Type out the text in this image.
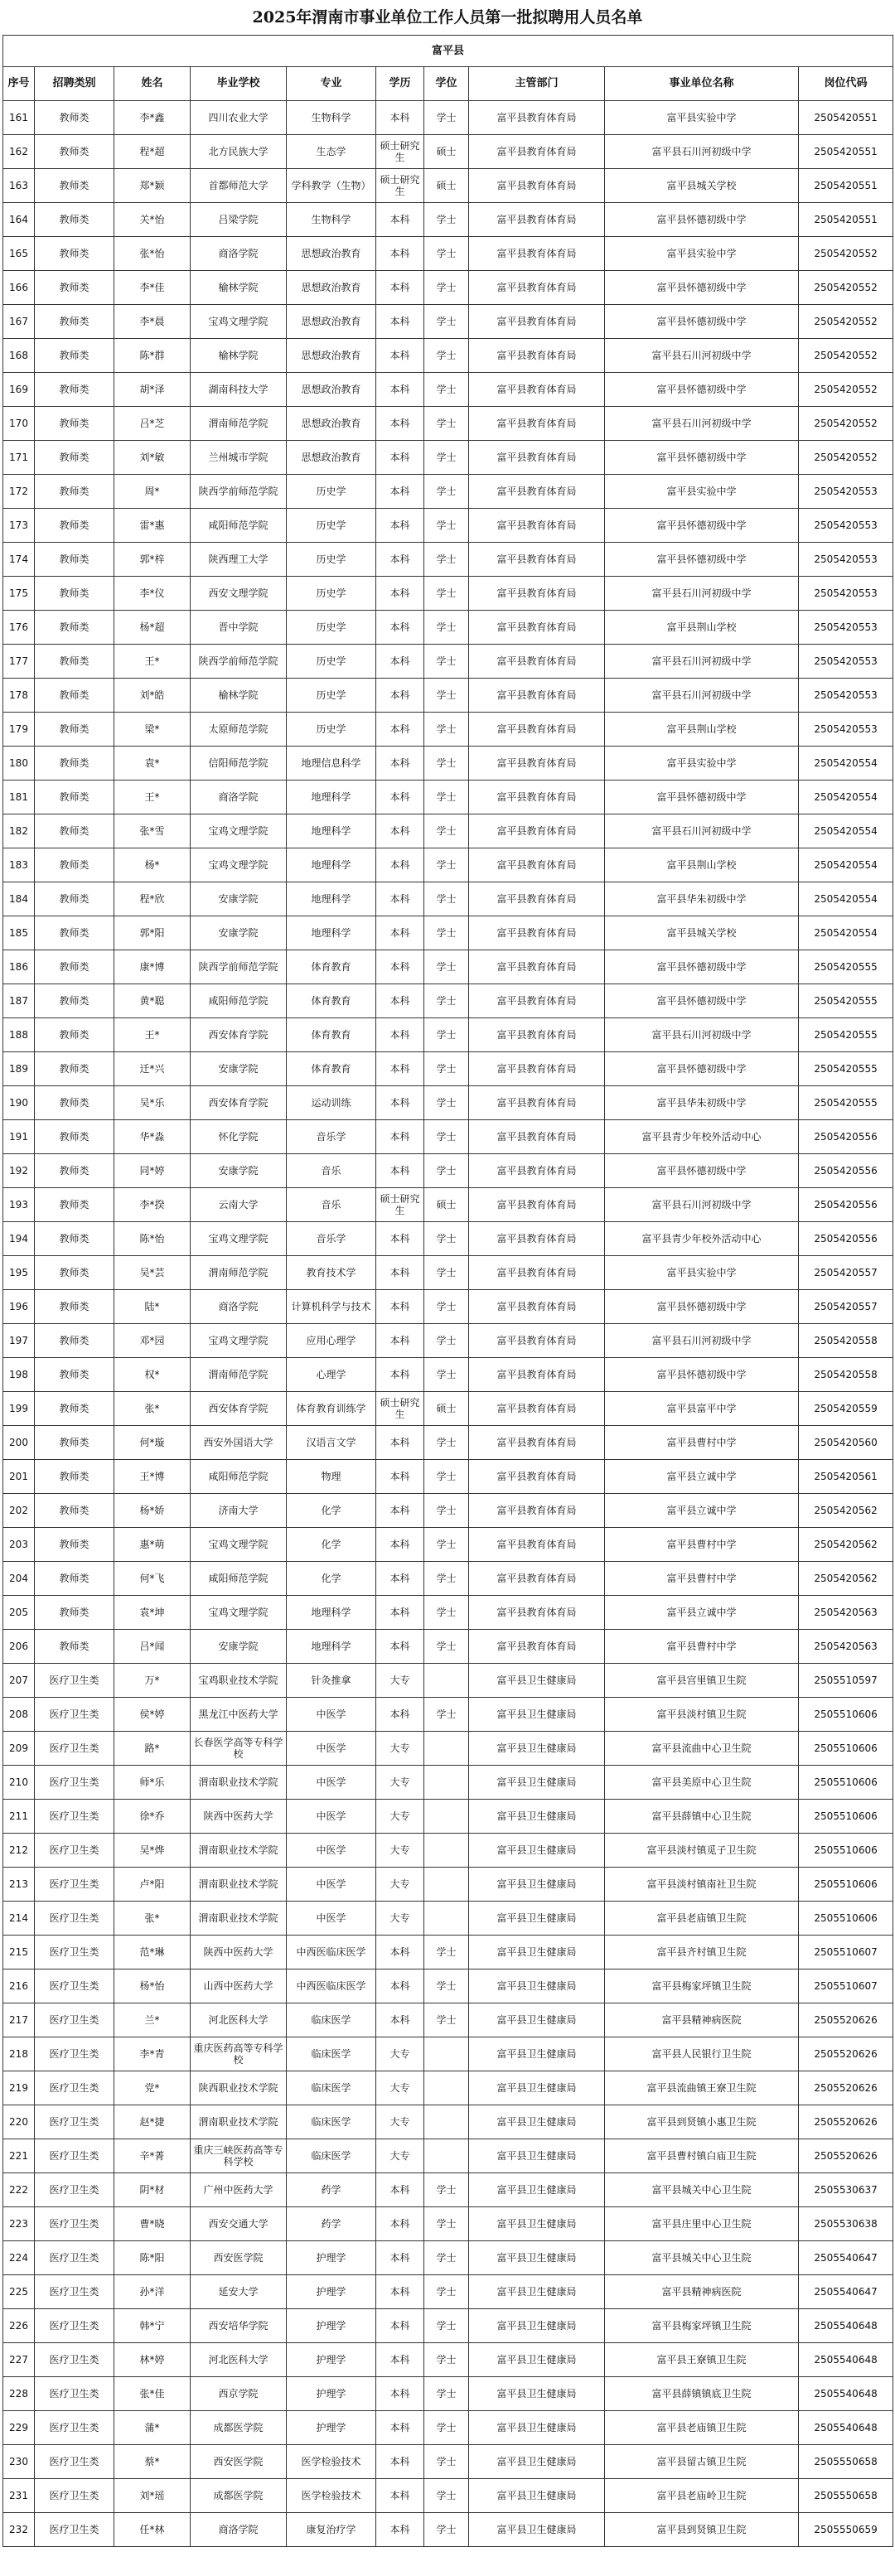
2025年渭南市事业单位工作人员第一批拟聘用人员名单
富平县									
序号	招聘类别	姓名	毕业学校	专业	学历	学位	主管部门	事业单位名称	岗位代码
161	教师类	李*鑫	四川农业大学	生物科学	本科	学士	富平县教育体育局	富平县实验中学	2505420551
162	教师类	程*超	北方民族大学	生态学	硕士研究生	硕士	富平县教育体育局	富平县石川河初级中学	2505420551
163	教师类	郑*颖	首都师范大学	学科教学（生物）	硕士研究生	硕士	富平县教育体育局	富平县城关学校	2505420551
164	教师类	关*怡	吕梁学院	生物科学	本科	学士	富平县教育体育局	富平县怀德初级中学	2505420551
165	教师类	张*怡	商洛学院	思想政治教育	本科	学士	富平县教育体育局	富平县实验中学	2505420552
166	教师类	李*佳	榆林学院	思想政治教育	本科	学士	富平县教育体育局	富平县怀德初级中学	2505420552
167	教师类	李*晨	宝鸡文理学院	思想政治教育	本科	学士	富平县教育体育局	富平县怀德初级中学	2505420552
168	教师类	陈*群	榆林学院	思想政治教育	本科	学士	富平县教育体育局	富平县石川河初级中学	2505420552
169	教师类	胡*泽	湖南科技大学	思想政治教育	本科	学士	富平县教育体育局	富平县怀德初级中学	2505420552
170	教师类	吕*芝	渭南师范学院	思想政治教育	本科	学士	富平县教育体育局	富平县石川河初级中学	2505420552
171	教师类	刘*敏	兰州城市学院	思想政治教育	本科	学士	富平县教育体育局	富平县怀德初级中学	2505420552
172	教师类	周*	陕西学前师范学院	历史学	本科	学士	富平县教育体育局	富平县实验中学	2505420553
173	教师类	雷*惠	咸阳师范学院	历史学	本科	学士	富平县教育体育局	富平县怀德初级中学	2505420553
174	教师类	郭*梓	陕西理工大学	历史学	本科	学士	富平县教育体育局	富平县怀德初级中学	2505420553
175	教师类	李*仪	西安文理学院	历史学	本科	学士	富平县教育体育局	富平县石川河初级中学	2505420553
176	教师类	杨*超	晋中学院	历史学	本科	学士	富平县教育体育局	富平县荆山学校	2505420553
177	教师类	王*	陕西学前师范学院	历史学	本科	学士	富平县教育体育局	富平县石川河初级中学	2505420553
178	教师类	刘*皓	榆林学院	历史学	本科	学士	富平县教育体育局	富平县石川河初级中学	2505420553
179	教师类	梁*	太原师范学院	历史学	本科	学士	富平县教育体育局	富平县荆山学校	2505420553
180	教师类	袁*	信阳师范学院	地理信息科学	本科	学士	富平县教育体育局	富平县实验中学	2505420554
181	教师类	王*	商洛学院	地理科学	本科	学士	富平县教育体育局	富平县怀德初级中学	2505420554
182	教师类	张*雪	宝鸡文理学院	地理科学	本科	学士	富平县教育体育局	富平县石川河初级中学	2505420554
183	教师类	杨*	宝鸡文理学院	地理科学	本科	学士	富平县教育体育局	富平县荆山学校	2505420554
184	教师类	程*欣	安康学院	地理科学	本科	学士	富平县教育体育局	富平县华朱初级中学	2505420554
185	教师类	郭*阳	安康学院	地理科学	本科	学士	富平县教育体育局	富平县城关学校	2505420554
186	教师类	康*博	陕西学前师范学院	体育教育	本科	学士	富平县教育体育局	富平县怀德初级中学	2505420555
187	教师类	黄*聪	咸阳师范学院	体育教育	本科	学士	富平县教育体育局	富平县怀德初级中学	2505420555
188	教师类	王*	西安体育学院	体育教育	本科	学士	富平县教育体育局	富平县石川河初级中学	2505420555
189	教师类	迁*兴	安康学院	体育教育	本科	学士	富平县教育体育局	富平县怀德初级中学	2505420555
190	教师类	吴*乐	西安体育学院	运动训练	本科	学士	富平县教育体育局	富平县华朱初级中学	2505420555
191	教师类	华*淼	怀化学院	音乐学	本科	学士	富平县教育体育局	富平县青少年校外活动中心	2505420556
192	教师类	同*婷	安康学院	音乐	本科	学士	富平县教育体育局	富平县怀德初级中学	2505420556
193	教师类	李*揆	云南大学	音乐	硕士研究生	硕士	富平县教育体育局	富平县石川河初级中学	2505420556
194	教师类	陈*怡	宝鸡文理学院	音乐学	本科	学士	富平县教育体育局	富平县青少年校外活动中心	2505420556
195	教师类	吴*芸	渭南师范学院	教育技术学	本科	学士	富平县教育体育局	富平县实验中学	2505420557
196	教师类	陆*	商洛学院	计算机科学与技术	本科	学士	富平县教育体育局	富平县怀德初级中学	2505420557
197	教师类	邓*园	宝鸡文理学院	应用心理学	本科	学士	富平县教育体育局	富平县石川河初级中学	2505420558
198	教师类	权*	渭南师范学院	心理学	本科	学士	富平县教育体育局	富平县怀德初级中学	2505420558
199	教师类	张*	西安体育学院	体育教育训练学	硕士研究生	硕士	富平县教育体育局	富平县富平中学	2505420559
200	教师类	何*璇	西安外国语大学	汉语言文学	本科	学士	富平县教育体育局	富平县曹村中学	2505420560
201	教师类	王*博	咸阳师范学院	物理	本科	学士	富平县教育体育局	富平县立诚中学	2505420561
202	教师类	杨*娇	济南大学	化学	本科	学士	富平县教育体育局	富平县立诚中学	2505420562
203	教师类	惠*萌	宝鸡文理学院	化学	本科	学士	富平县教育体育局	富平县曹村中学	2505420562
204	教师类	何*飞	咸阳师范学院	化学	本科	学士	富平县教育体育局	富平县曹村中学	2505420562
205	教师类	袁*坤	宝鸡文理学院	地理科学	本科	学士	富平县教育体育局	富平县立诚中学	2505420563
206	教师类	吕*闻	安康学院	地理科学	本科	学士	富平县教育体育局	富平县曹村中学	2505420563
207	医疗卫生类	万*	宝鸡职业技术学院	针灸推拿	大专		富平县卫生健康局	富平县宫里镇卫生院	2505510597
208	医疗卫生类	侯*婷	黑龙江中医药大学	中医学	本科	学士	富平县卫生健康局	富平县淡村镇卫生院	2505510606
209	医疗卫生类	路*	长春医学高等专科学校	中医学	大专		富平县卫生健康局	富平县流曲中心卫生院	2505510606
210	医疗卫生类	师*乐	渭南职业技术学院	中医学	大专		富平县卫生健康局	富平县美原中心卫生院	2505510606
211	医疗卫生类	徐*乔	陕西中医药大学	中医学	大专		富平县卫生健康局	富平县薛镇中心卫生院	2505510606
212	医疗卫生类	吴*烨	渭南职业技术学院	中医学	大专		富平县卫生健康局	富平县淡村镇觅子卫生院	2505510606
213	医疗卫生类	卢*阳	渭南职业技术学院	中医学	大专		富平县卫生健康局	富平县淡村镇南社卫生院	2505510606
214	医疗卫生类	张*	渭南职业技术学院	中医学	大专		富平县卫生健康局	富平县老庙镇卫生院	2505510606
215	医疗卫生类	范*琳	陕西中医药大学	中西医临床医学	本科	学士	富平县卫生健康局	富平县齐村镇卫生院	2505510607
216	医疗卫生类	杨*怡	山西中医药大学	中西医临床医学	本科	学士	富平县卫生健康局	富平县梅家坪镇卫生院	2505510607
217	医疗卫生类	兰*	河北医科大学	临床医学	本科	学士	富平县卫生健康局	富平县精神病医院	2505520626
218	医疗卫生类	李*青	重庆医药高等专科学校	临床医学	大专		富平县卫生健康局	富平县人民银行卫生院	2505520626
219	医疗卫生类	党*	陕西职业技术学院	临床医学	大专		富平县卫生健康局	富平县流曲镇王寮卫生院	2505520626
220	医疗卫生类	赵*捷	渭南职业技术学院	临床医学	大专		富平县卫生健康局	富平县到贤镇小惠卫生院	2505520626
221	医疗卫生类	辛*菁	重庆三峡医药高等专科学校	临床医学	大专		富平县卫生健康局	富平县曹村镇白庙卫生院	2505520626
222	医疗卫生类	阴*材	广州中医药大学	药学	本科	学士	富平县卫生健康局	富平县城关中心卫生院	2505530637
223	医疗卫生类	曹*晓	西安交通大学	药学	本科	学士	富平县卫生健康局	富平县庄里中心卫生院	2505530638
224	医疗卫生类	陈*阳	西安医学院	护理学	本科	学士	富平县卫生健康局	富平县城关中心卫生院	2505540647
225	医疗卫生类	孙*洋	延安大学	护理学	本科	学士	富平县卫生健康局	富平县精神病医院	2505540647
226	医疗卫生类	韩*宁	西安培华学院	护理学	本科	学士	富平县卫生健康局	富平县梅家坪镇卫生院	2505540648
227	医疗卫生类	林*婷	河北医科大学	护理学	本科	学士	富平县卫生健康局	富平县王寮镇卫生院	2505540648
228	医疗卫生类	张*佳	西京学院	护理学	本科	学士	富平县卫生健康局	富平县薛镇镇底卫生院	2505540648
229	医疗卫生类	蒲*	成都医学院	护理学	本科	学士	富平县卫生健康局	富平县老庙镇卫生院	2505540648
230	医疗卫生类	蔡*	西安医学院	医学检验技术	本科	学士	富平县卫生健康局	富平县留古镇卫生院	2505550658
231	医疗卫生类	刘*瑶	成都医学院	医学检验技术	本科	学士	富平县卫生健康局	富平县老庙岭卫生院	2505550658
232	医疗卫生类	任*林	商洛学院	康复治疗学	本科	学士	富平县卫生健康局	富平县到贤镇卫生院	2505550659
